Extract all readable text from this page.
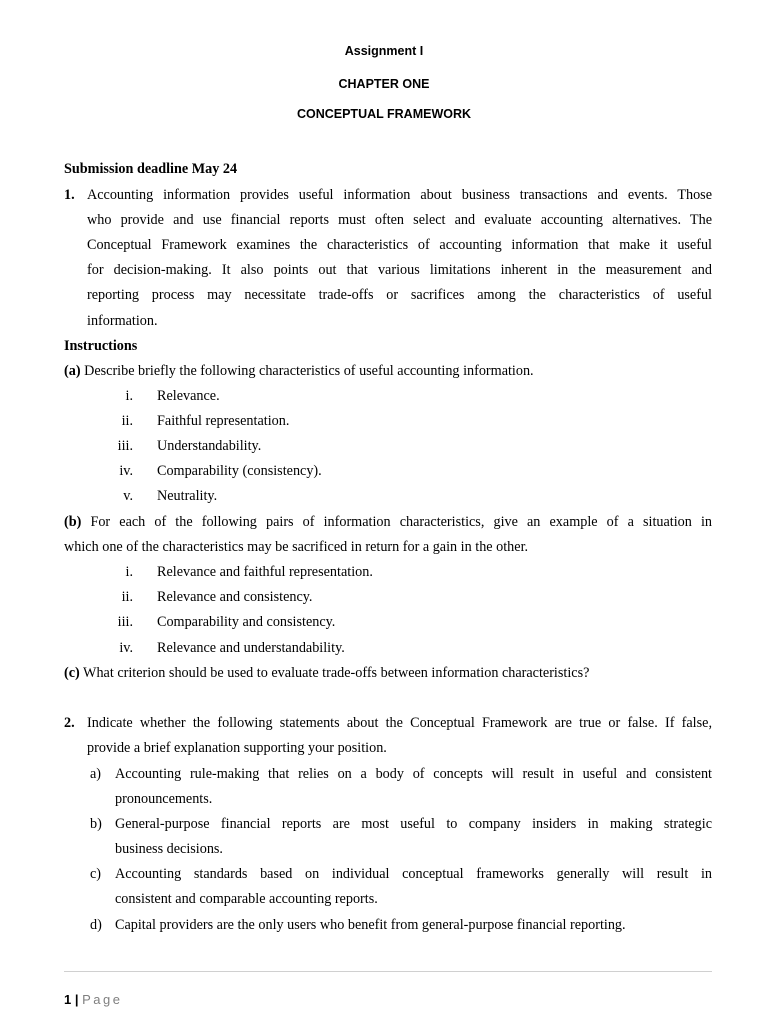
Assignment I
CHAPTER ONE
CONCEPTUAL FRAMEWORK
Submission deadline May 24
1. Accounting information provides useful information about business transactions and events. Those
who provide and use financial reports must often select and evaluate accounting alternatives. The
Conceptual Framework examines the characteristics of accounting information that make it useful
for decision-making. It also points out that various limitations inherent in the measurement and
reporting process may necessitate trade-offs or sacrifices among the characteristics of useful
information.
Instructions
(a) Describe briefly the following characteristics of useful accounting information.
i. Relevance.
ii. Faithful representation.
iii. Understandability.
iv. Comparability (consistency).
v. Neutrality.
(b) For each of the following pairs of information characteristics, give an example of a situation in
which one of the characteristics may be sacrificed in return for a gain in the other.
i. Relevance and faithful representation.
ii. Relevance and consistency.
iii. Comparability and consistency.
iv. Relevance and understandability.
(c) What criterion should be used to evaluate trade-offs between information characteristics?
2. Indicate whether the following statements about the Conceptual Framework are true or false. If false,
provide a brief explanation supporting your position.
a) Accounting rule-making that relies on a body of concepts will result in useful and consistent
pronouncements.
b) General-purpose financial reports are most useful to company insiders in making strategic
business decisions.
c) Accounting standards based on individual conceptual frameworks generally will result in
consistent and comparable accounting reports.
d) Capital providers are the only users who benefit from general-purpose financial reporting.
1 | Page
